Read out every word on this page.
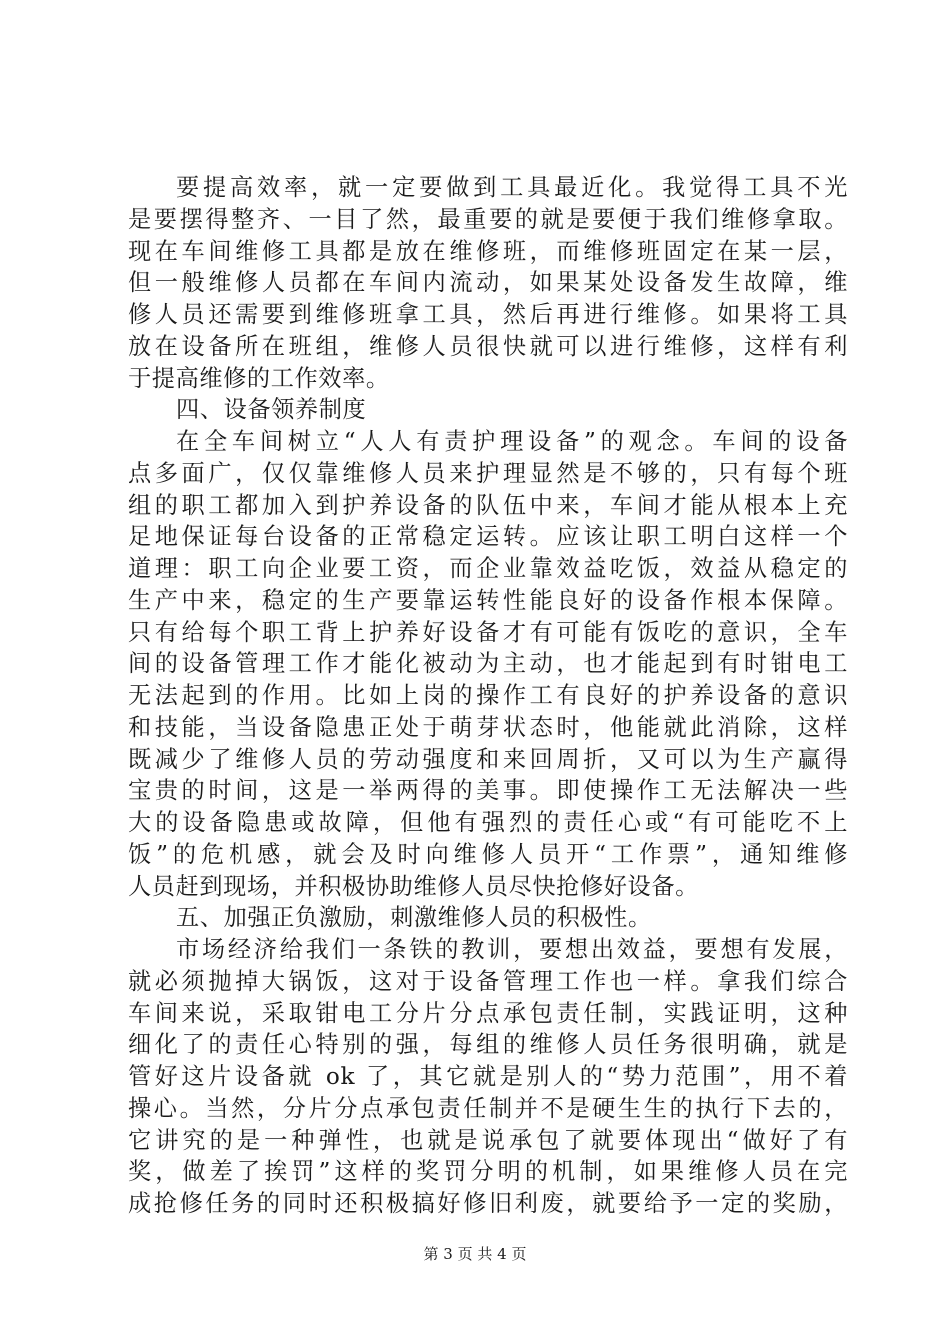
要提高效率，就一定要做到工具最近化。我觉得工具不光
是要摆得整齐、一目了然，最重要的就是要便于我们维修拿取。
现在车间维修工具都是放在维修班，而维修班固定在某一层，
但一般维修人员都在车间内流动，如果某处设备发生故障，维
修人员还需要到维修班拿工具，然后再进行维修。如果将工具
放在设备所在班组，维修人员很快就可以进行维修，这样有利
于提高维修的工作效率。
四、设备领养制度
在全车间树立“人人有责护理设备”的观念。车间的设备
点多面广，仅仅靠维修人员来护理显然是不够的，只有每个班
组的职工都加入到护养设备的队伍中来，车间才能从根本上充
足地保证每台设备的正常稳定运转。应该让职工明白这样一个
道理：职工向企业要工资，而企业靠效益吃饭，效益从稳定的
生产中来，稳定的生产要靠运转性能良好的设备作根本保障。
只有给每个职工背上护养好设备才有可能有饭吃的意识，全车
间的设备管理工作才能化被动为主动，也才能起到有时钳电工
无法起到的作用。比如上岗的操作工有良好的护养设备的意识
和技能，当设备隐患正处于萌芽状态时，他能就此消除，这样
既减少了维修人员的劳动强度和来回周折，又可以为生产赢得
宝贵的时间，这是一举两得的美事。即使操作工无法解决一些
大的设备隐患或故障，但他有强烈的责任心或“有可能吃不上
饭”的危机感，就会及时向维修人员开“工作票”，通知维修
人员赶到现场，并积极协助维修人员尽快抢修好设备。
五、加强正负激励，刺激维修人员的积极性。
市场经济给我们一条铁的教训，要想出效益，要想有发展，
就必须抛掉大锅饭，这对于设备管理工作也一样。拿我们综合
车间来说，采取钳电工分片分点承包责任制，实践证明，这种
细化了的责任心特别的强，每组的维修人员任务很明确，就是
管好这片设备就 ok 了，其它就是别人的“势力范围”，用不着
操心。当然，分片分点承包责任制并不是硬生生的执行下去的，
它讲究的是一种弹性，也就是说承包了就要体现出“做好了有
奖，做差了挨罚”这样的奖罚分明的机制，如果维修人员在完
成抢修任务的同时还积极搞好修旧利废，就要给予一定的奖励，
第 3 页 共 4 页
